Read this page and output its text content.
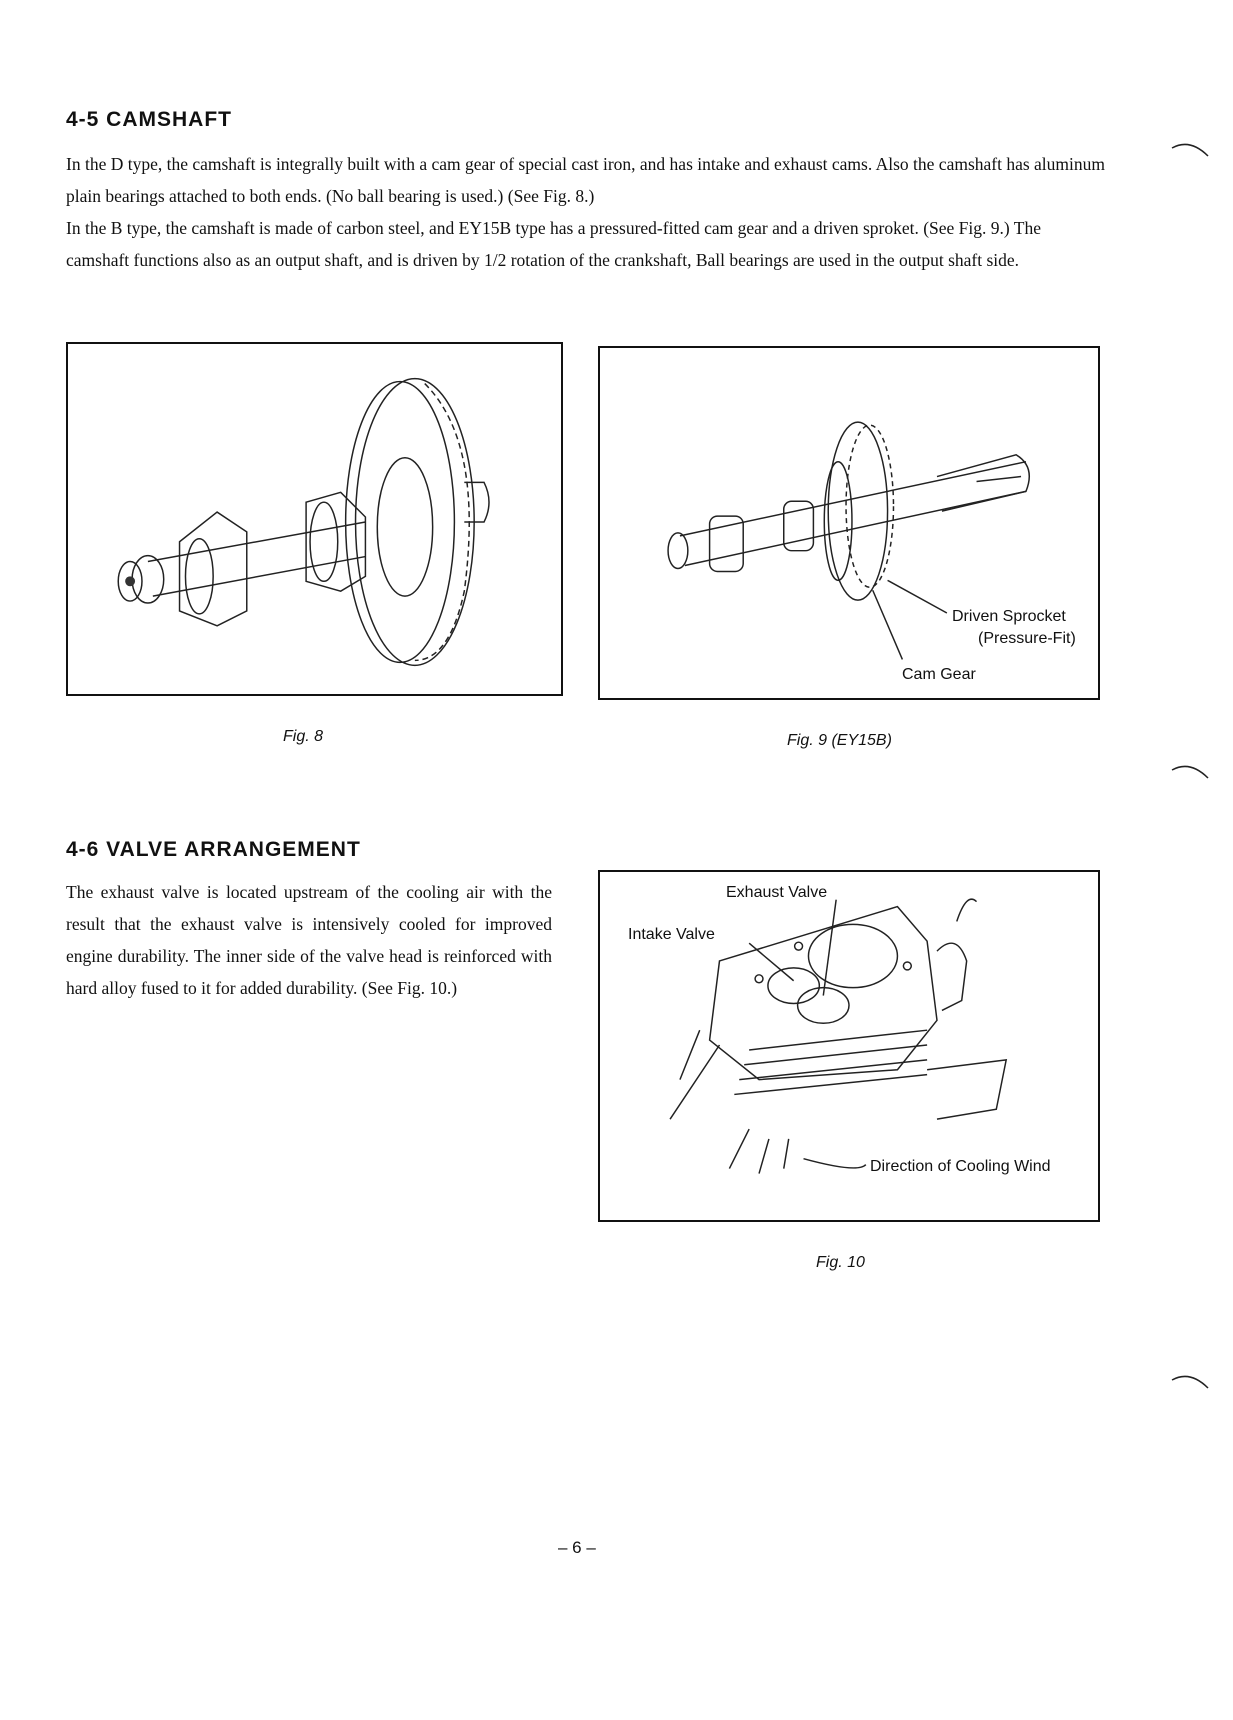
4-5 CAMSHAFT

In the D type, the camshaft is integrally built with a cam gear of special cast iron, and has intake and exhaust cams. Also the camshaft has aluminum plain bearings attached to both ends. (No ball bearing is used.) (See Fig. 8.)

In the B type, the camshaft is made of carbon steel, and EY15B type has a pressured-fitted cam gear and a driven sproket. (See Fig. 9.) The camshaft functions also as an output shaft, and is driven by 1/2 rotation of the crankshaft, Ball bearings are used in the output shaft side.

Fig. 8

Driven Sprocket
(Pressure-Fit)
Cam Gear

Fig. 9 (EY15B)

4-6 VALVE ARRANGEMENT

The exhaust valve is located upstream of the cooling air with the result that the exhaust valve is intensively cooled for improved engine durability. The inner side of the valve head is reinforced with hard alloy fused to it for added durability. (See Fig. 10.)

Exhaust Valve
Intake Valve
Direction of Cooling Wind

Fig. 10

– 6 –
